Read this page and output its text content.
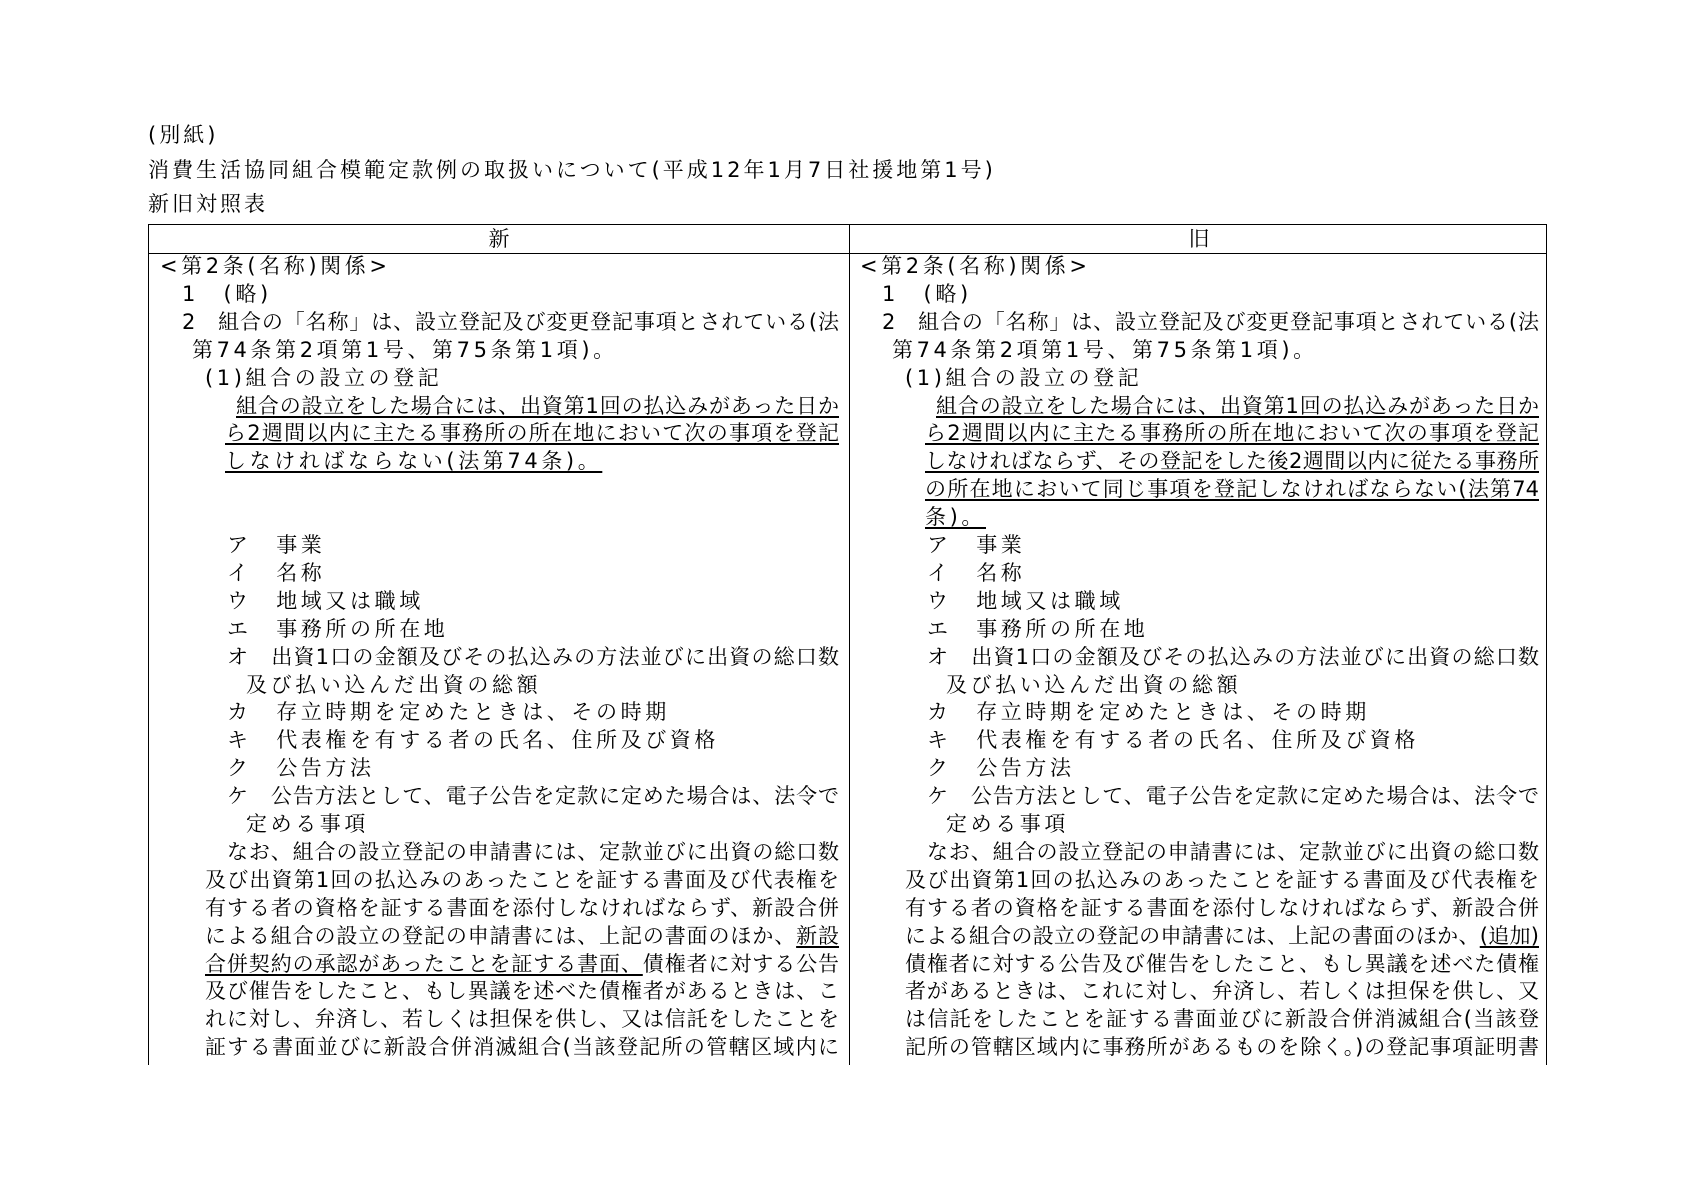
(別紙)
消費生活協同組合模範定款例の取扱いについて(平成12年1月7日社援地第1号)
新旧対照表
新	旧
<第2条(名称)関係>
1　(略)
2　組合の「名称」は、設立登記及び変更登記事項とされている(法
第74条第2項第1号、第75条第1項)。
(1)組合の設立の登記
組合の設立をした場合には、出資第1回の払込みがあった日か
ら2週間以内に主たる事務所の所在地において次の事項を登記
しなければならない(法第74条)。
ア　事業
イ　名称
ウ　地域又は職域
エ　事務所の所在地
オ　出資1口の金額及びその払込みの方法並びに出資の総口数
及び払い込んだ出資の総額
カ　存立時期を定めたときは、その時期
キ　代表権を有する者の氏名、住所及び資格
ク　公告方法
ケ　公告方法として、電子公告を定款に定めた場合は、法令で
定める事項
なお、組合の設立登記の申請書には、定款並びに出資の総口数
及び出資第1回の払込みのあったことを証する書面及び代表権を
有する者の資格を証する書面を添付しなければならず、新設合併
<第2条(名称)関係>
1　(略)
2　組合の「名称」は、設立登記及び変更登記事項とされている(法
第74条第2項第1号、第75条第1項)。
(1)組合の設立の登記
組合の設立をした場合には、出資第1回の払込みがあった日か
ら2週間以内に主たる事務所の所在地において次の事項を登記
しなければならず、その登記をした後2週間以内に従たる事務所
の所在地において同じ事項を登記しなければならない(法第74
条)。
ア　事業
イ　名称
ウ　地域又は職域
エ　事務所の所在地
オ　出資1口の金額及びその払込みの方法並びに出資の総口数
及び払い込んだ出資の総額
カ　存立時期を定めたときは、その時期
キ　代表権を有する者の氏名、住所及び資格
ク　公告方法
ケ　公告方法として、電子公告を定款に定めた場合は、法令で
定める事項
なお、組合の設立登記の申請書には、定款並びに出資の総口数
及び出資第1回の払込みのあったことを証する書面及び代表権を
有する者の資格を証する書面を添付しなければならず、新設合併
による組合の設立の登記の申請書には、上記の書面のほか、新設
合併契約の承認があったことを証する書面、債権者に対する公告
及び催告をしたこと、もし異議を述べた債権者があるときは、こ
れに対し、弁済し、若しくは担保を供し、又は信託をしたことを
証する書面並びに新設合併消滅組合(当該登記所の管轄区域内に
による組合の設立の登記の申請書には、上記の書面のほか、(追加)
債権者に対する公告及び催告をしたこと、もし異議を述べた債権
者があるときは、これに対し、弁済し、若しくは担保を供し、又
は信託をしたことを証する書面並びに新設合併消滅組合(当該登
記所の管轄区域内に事務所があるものを除く。)の登記事項証明書
